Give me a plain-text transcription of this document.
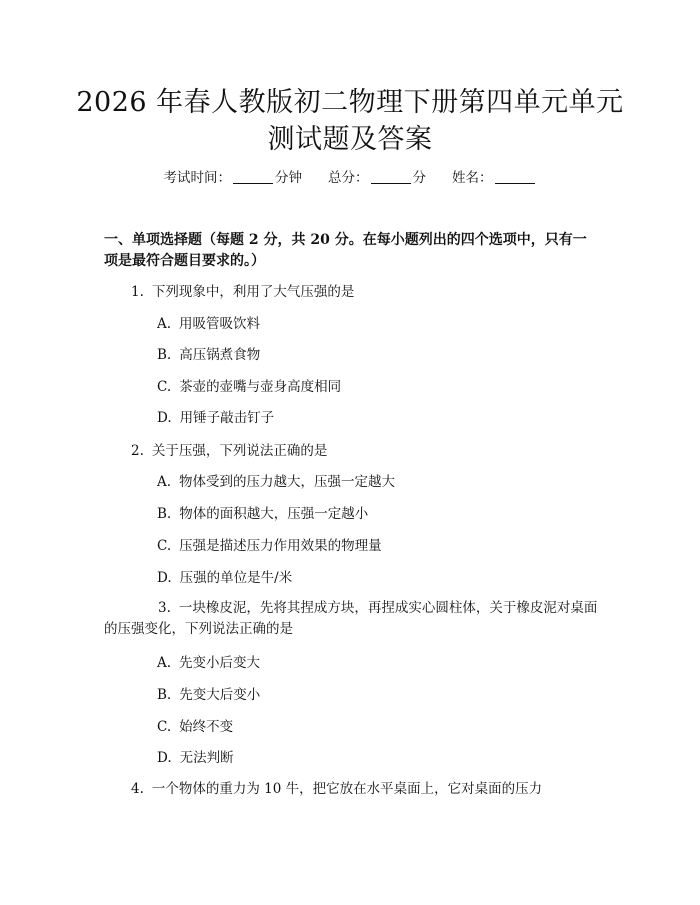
2026 年春人教版初二物理下册第四单元单元
测试题及答案
考试时间：	分钟 总分：	分 姓名：
一、单项选择题（每题 2 分，共 20 分。在每小题列出的四个选项中，只有一项是最符合题目要求的。）
1. 下列现象中，利用了大气压强的是
A. 用吸管吸饮料
B. 高压锅煮食物
C. 茶壶的壶嘴与壶身高度相同
D. 用锤子敲击钉子
2. 关于压强，下列说法正确的是
A. 物体受到的压力越大，压强一定越大
B. 物体的面积越大，压强一定越小
C. 压强是描述压力作用效果的物理量
D. 压强的单位是牛/米
3. 一块橡皮泥，先将其捏成方块，再捏成实心圆柱体，关于橡皮泥对桌面的压强变化，下列说法正确的是
A. 先变小后变大
B. 先变大后变小
C. 始终不变
D. 无法判断
4. 一个物体的重力为 10 牛，把它放在水平桌面上，它对桌面的压力
